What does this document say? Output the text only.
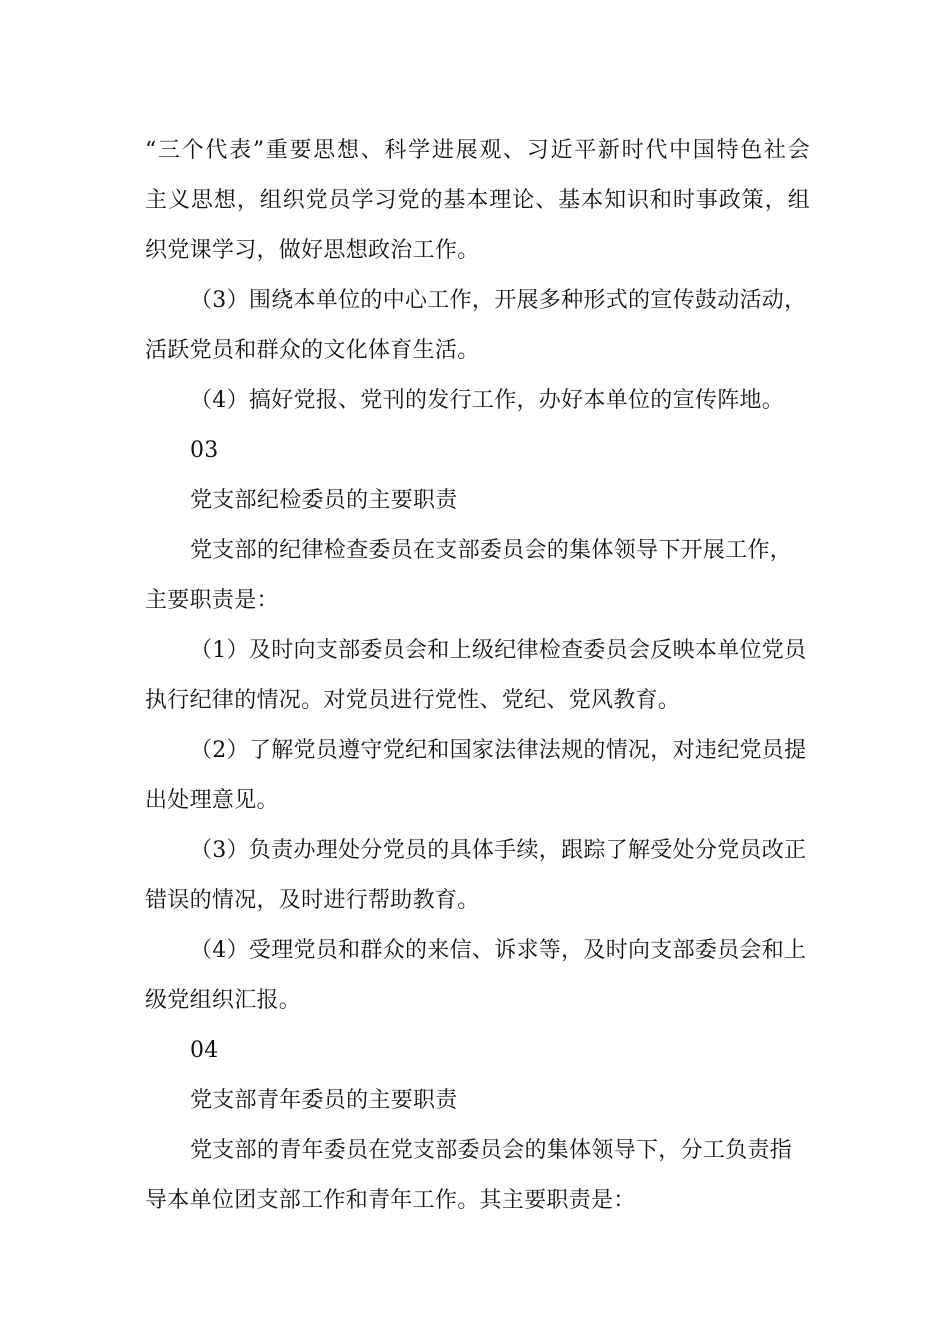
“三个代表”重要思想、科学进展观、习近平新时代中国特色社会
主义思想，组织党员学习党的基本理论、基本知识和时事政策，组
织党课学习，做好思想政治工作。
（3）围绕本单位的中心工作，开展多种形式的宣传鼓动活动，
活跃党员和群众的文化体育生活。
（4）搞好党报、党刊的发行工作，办好本单位的宣传阵地。
03
党支部纪检委员的主要职责
党支部的纪律检查委员在支部委员会的集体领导下开展工作，
主要职责是：
（1）及时向支部委员会和上级纪律检查委员会反映本单位党员
执行纪律的情况。对党员进行党性、党纪、党风教育。
（2）了解党员遵守党纪和国家法律法规的情况，对违纪党员提
出处理意见。
（3）负责办理处分党员的具体手续，跟踪了解受处分党员改正
错误的情况，及时进行帮助教育。
（4）受理党员和群众的来信、诉求等，及时向支部委员会和上
级党组织汇报。
04
党支部青年委员的主要职责
党支部的青年委员在党支部委员会的集体领导下，分工负责指
导本单位团支部工作和青年工作。其主要职责是：
